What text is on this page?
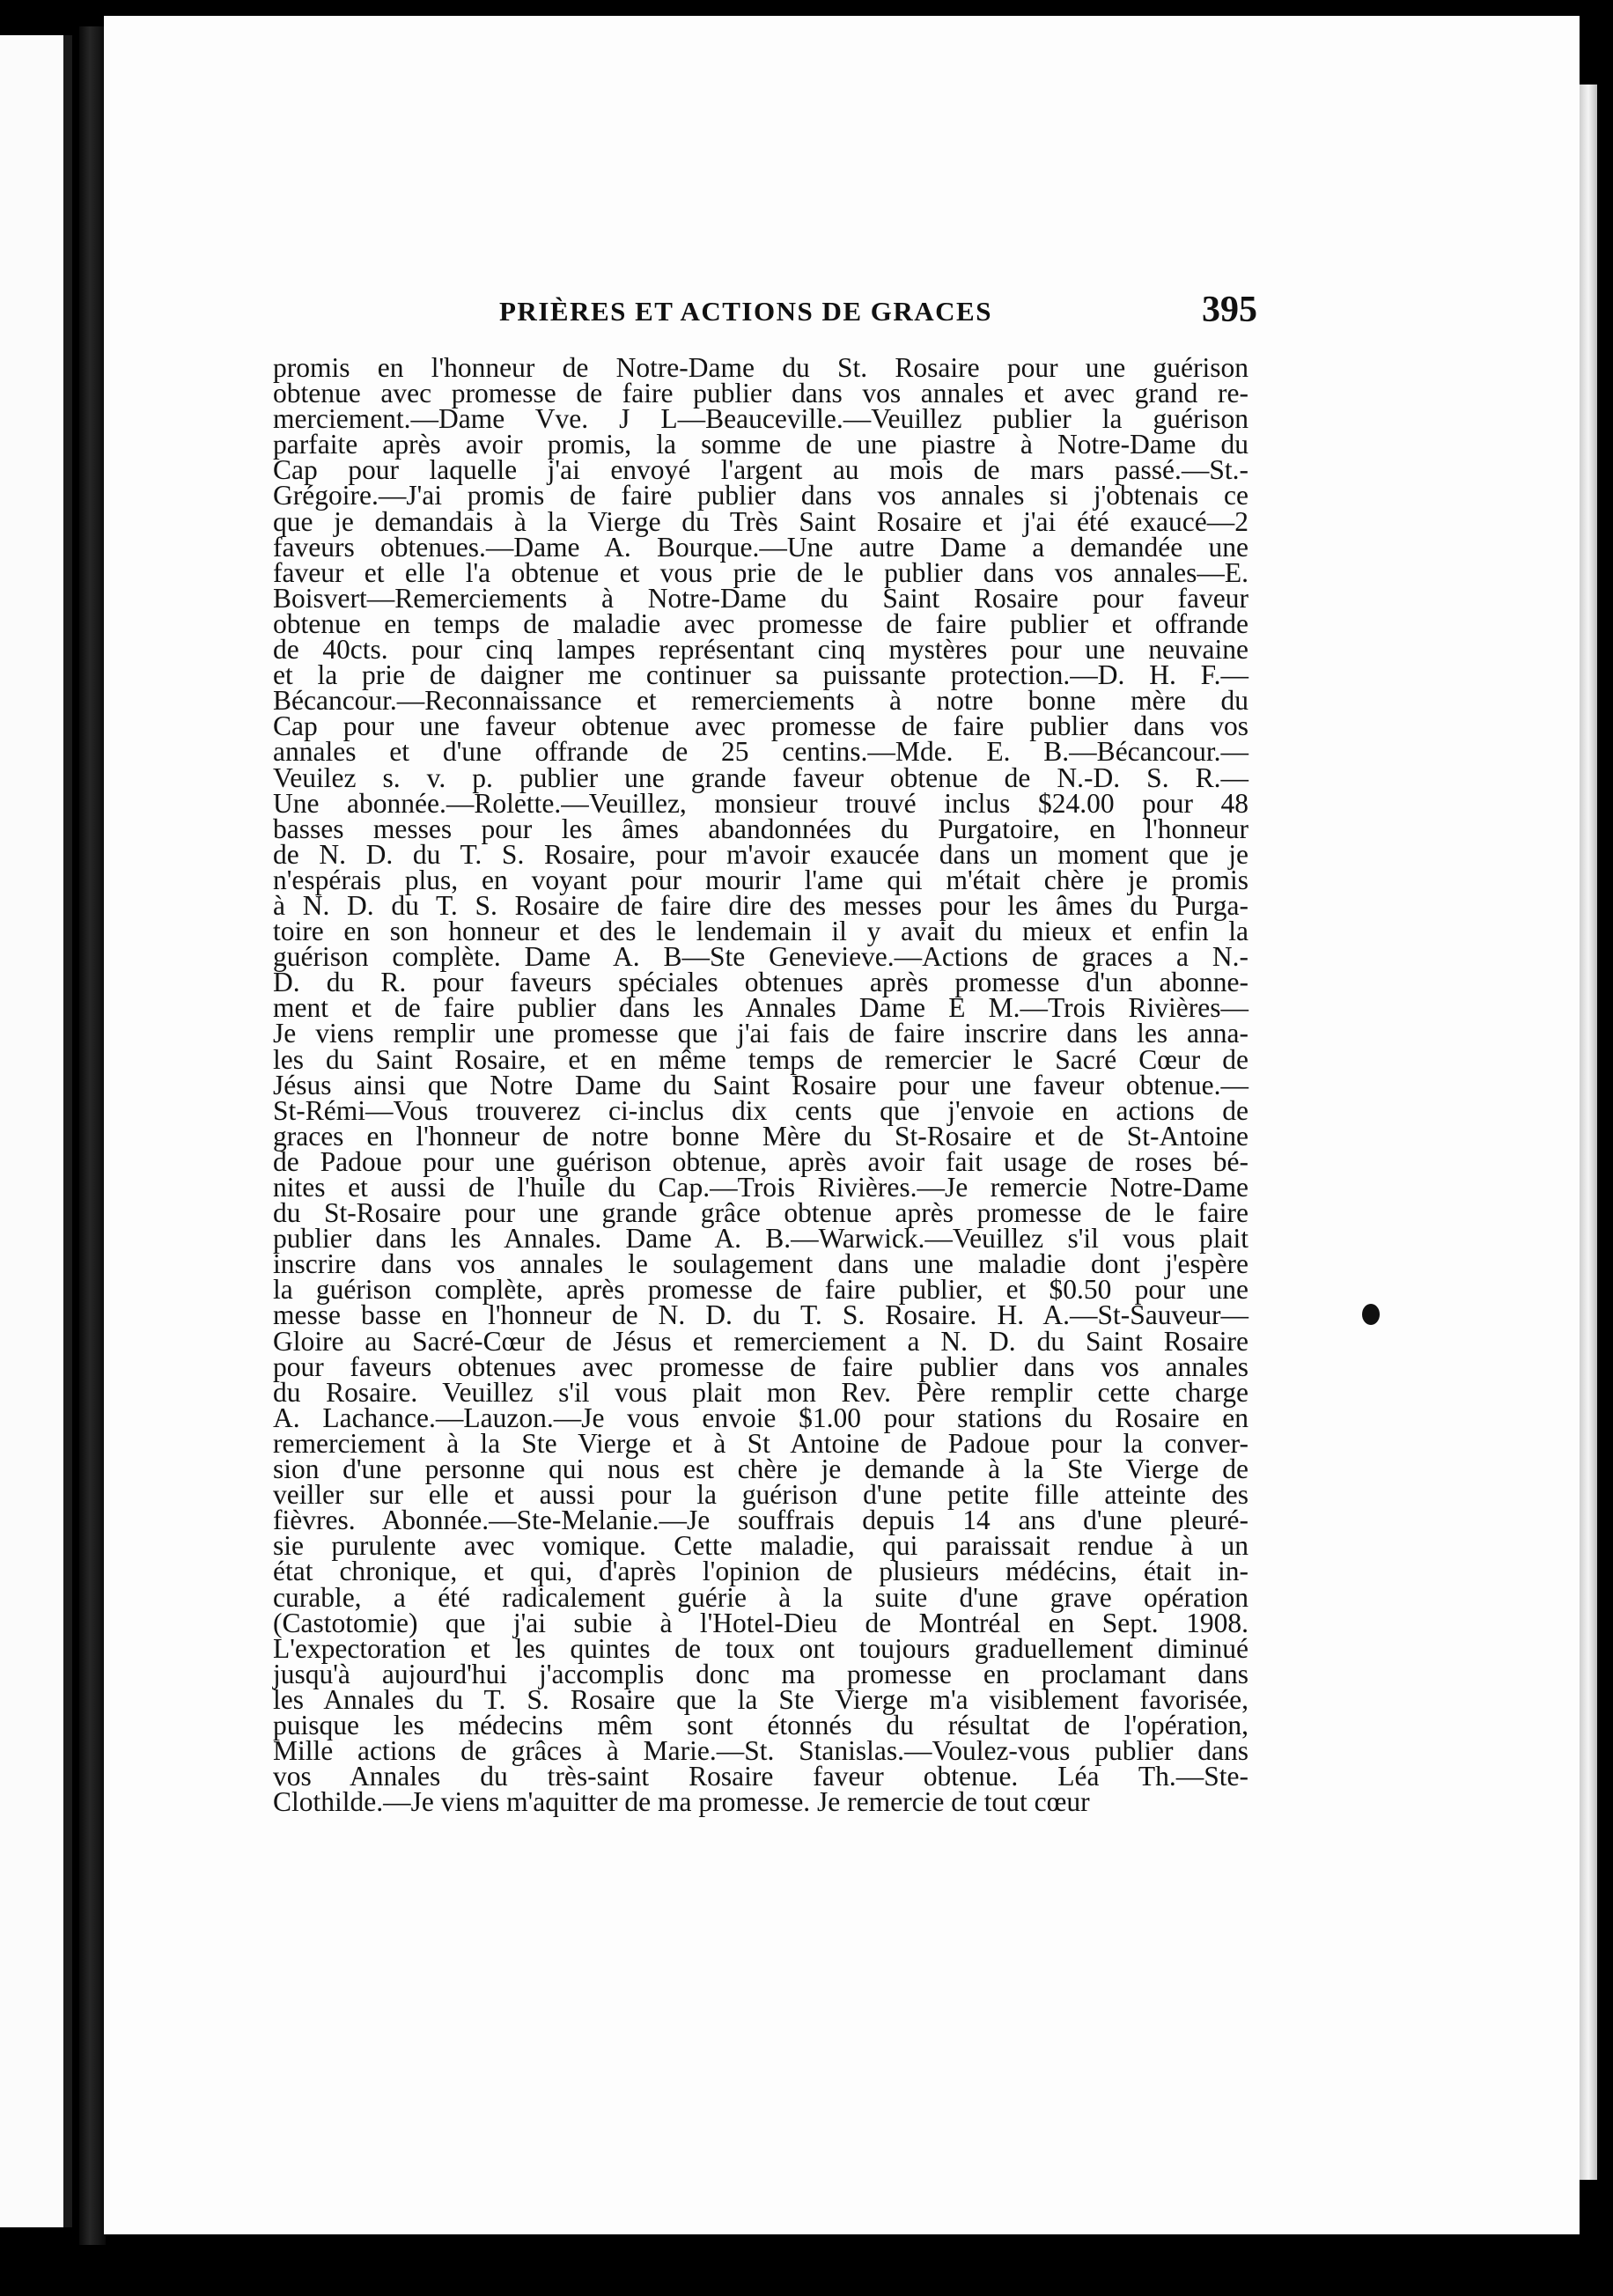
PRIÈRES ET ACTIONS DE GRACES	395
promis en l'honneur de Notre-Dame du St. Rosaire pour une guérison
obtenue avec promesse de faire publier dans vos annales et avec grand re-
merciement.—Dame Vve. J L—Beauceville.—Veuillez publier la guérison
parfaite après avoir promis, la somme de une piastre à Notre-Dame du
Cap pour laquelle j'ai envoyé l'argent au mois de mars passé.—St.-
Grégoire.—J'ai promis de faire publier dans vos annales si j'obtenais ce
que je demandais à la Vierge du Très Saint Rosaire et j'ai été exaucé—2
faveurs obtenues.—Dame A. Bourque.—Une autre Dame a demandée une
faveur et elle l'a obtenue et vous prie de le publier dans vos annales—E.
Boisvert—Remerciements à Notre-Dame du Saint Rosaire pour faveur
obtenue en temps de maladie avec promesse de faire publier et offrande
de 40cts. pour cinq lampes représentant cinq mystères pour une neuvaine
et la prie de daigner me continuer sa puissante protection.—D. H. F.—
Bécancour.—Reconnaissance et remerciements à notre bonne mère du
Cap pour une faveur obtenue avec promesse de faire publier dans vos
annales et d'une offrande de 25 centins.—Mde. E. B.—Bécancour.—
Veuilez s. v. p. publier une grande faveur obtenue de N.-D. S. R.—
Une abonnée.—Rolette.—Veuillez, monsieur trouvé inclus $24.00 pour 48
basses messes pour les âmes abandonnées du Purgatoire, en l'honneur
de N. D. du T. S. Rosaire, pour m'avoir exaucée dans un moment que je
n'espérais plus, en voyant pour mourir l'ame qui m'était chère je promis
à N. D. du T. S. Rosaire de faire dire des messes pour les âmes du Purga-
toire en son honneur et des le lendemain il y avait du mieux et enfin la
guérison complète. Dame A. B—Ste Genevieve.—Actions de graces a N.-
D. du R. pour faveurs spéciales obtenues après promesse d'un abonne-
ment et de faire publier dans les Annales Dame E M.—Trois Rivières—
Je viens remplir une promesse que j'ai fais de faire inscrire dans les anna-
les du Saint Rosaire, et en même temps de remercier le Sacré Cœur de
Jésus ainsi que Notre Dame du Saint Rosaire pour une faveur obtenue.—
St-Rémi—Vous trouverez ci-inclus dix cents que j'envoie en actions de
graces en l'honneur de notre bonne Mère du St-Rosaire et de St-Antoine
de Padoue pour une guérison obtenue, après avoir fait usage de roses bé-
nites et aussi de l'huile du Cap.—Trois Rivières.—Je remercie Notre-Dame
du St-Rosaire pour une grande grâce obtenue après promesse de le faire
publier dans les Annales. Dame A. B.—Warwick.—Veuillez s'il vous plait
inscrire dans vos annales le soulagement dans une maladie dont j'espère
la guérison complète, après promesse de faire publier, et $0.50 pour une
messe basse en l'honneur de N. D. du T. S. Rosaire. H. A.—St-Sauveur—
Gloire au Sacré-Cœur de Jésus et remerciement a N. D. du Saint Rosaire
pour faveurs obtenues avec promesse de faire publier dans vos annales
du Rosaire. Veuillez s'il vous plait mon Rev. Père remplir cette charge
A. Lachance.—Lauzon.—Je vous envoie $1.00 pour stations du Rosaire en
remerciement à la Ste Vierge et à St Antoine de Padoue pour la conver-
sion d'une personne qui nous est chère je demande à la Ste Vierge de
veiller sur elle et aussi pour la guérison d'une petite fille atteinte des
fièvres. Abonnée.—Ste-Melanie.—Je souffrais depuis 14 ans d'une pleuré-
sie purulente avec vomique. Cette maladie, qui paraissait rendue à un
état chronique, et qui, d'après l'opinion de plusieurs médécins, était in-
curable, a été radicalement guérie à la suite d'une grave opération
(Castotomie) que j'ai subie à l'Hotel-Dieu de Montréal en Sept. 1908.
L'expectoration et les quintes de toux ont toujours graduellement diminué
jusqu'à aujourd'hui j'accomplis donc ma promesse en proclamant dans
les Annales du T. S. Rosaire que la Ste Vierge m'a visiblement favorisée,
puisque les médecins mêm sont étonnés du résultat de l'opération,
Mille actions de grâces à Marie.—St. Stanislas.—Voulez-vous publier dans
vos Annales du très-saint Rosaire faveur obtenue. Léa Th.—Ste-
Clothilde.—Je viens m'aquitter de ma promesse. Je remercie de tout cœur
